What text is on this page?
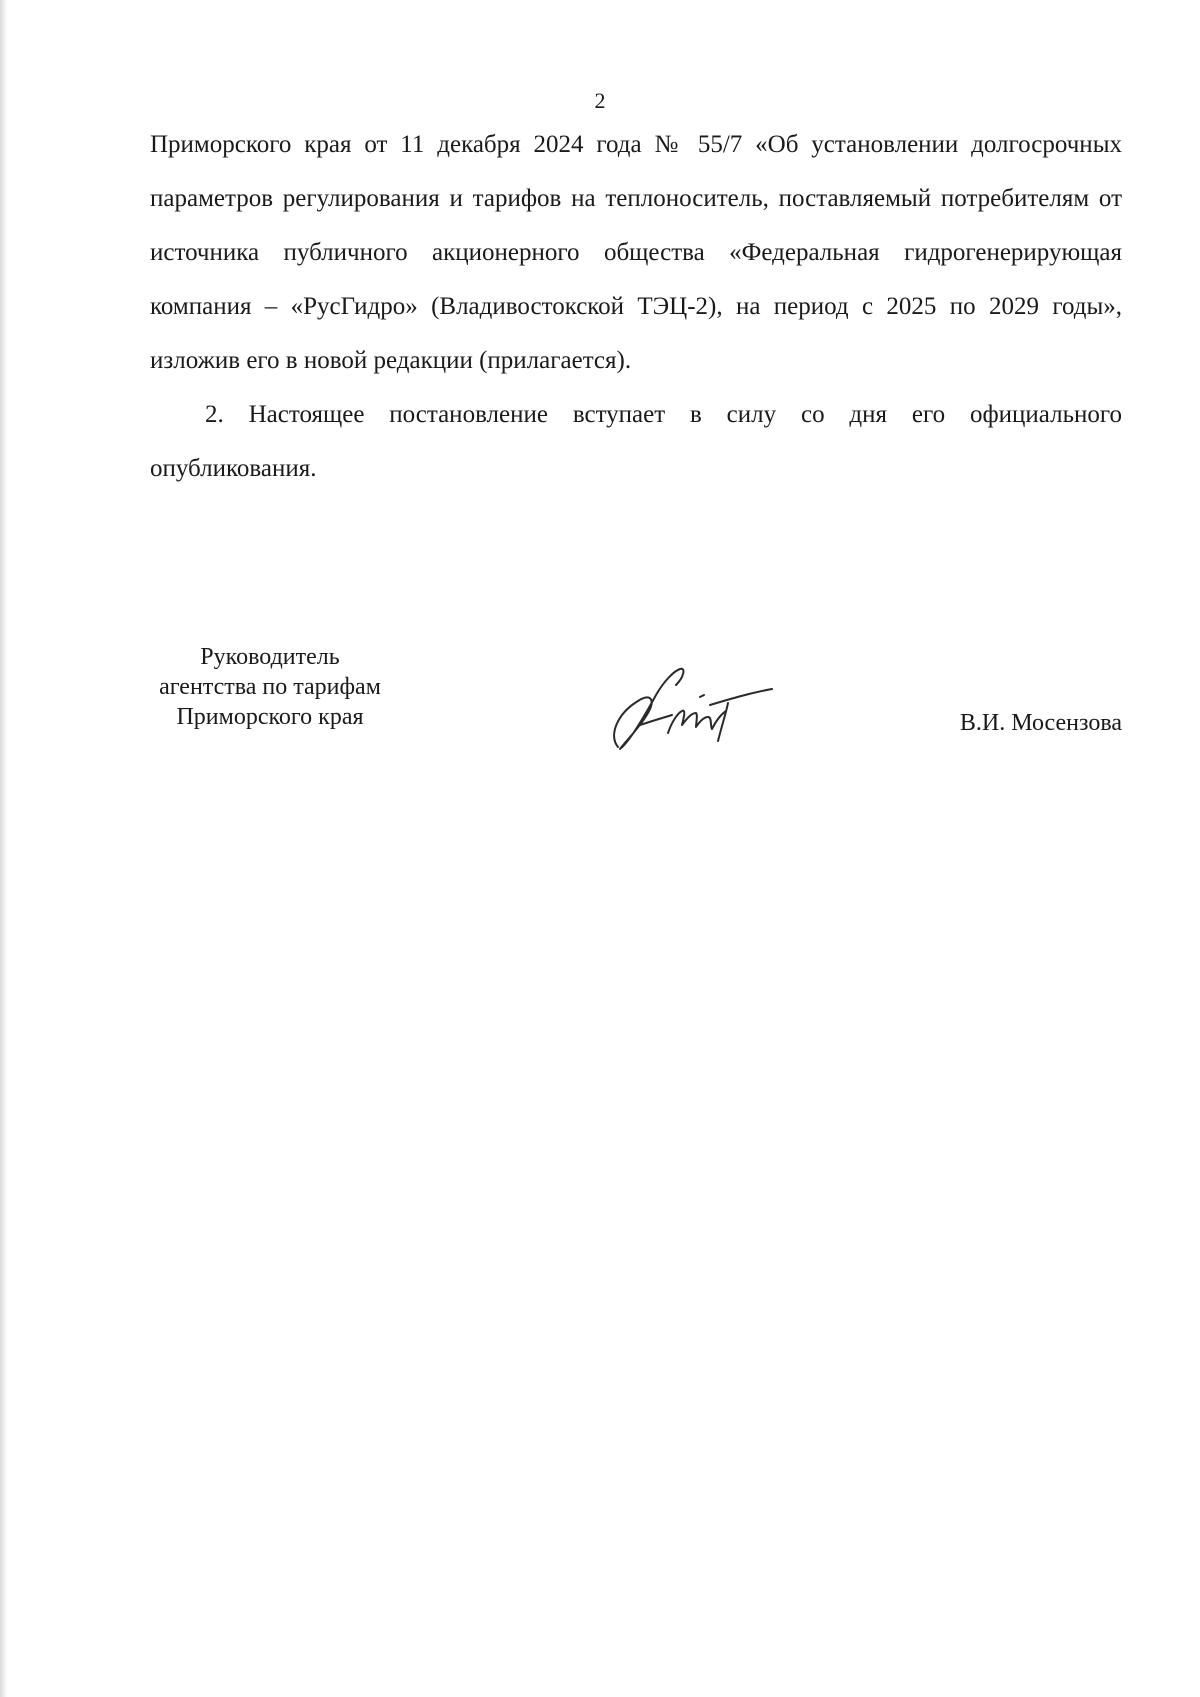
2

Приморского края от 11 декабря 2024 года № 55/7 «Об установлении долгосрочных параметров регулирования и тарифов на теплоноситель, поставляемый потребителям от источника публичного акционерного общества «Федеральная гидрогенерирующая компания – «РусГидро» (Владивостокской ТЭЦ-2), на период с 2025 по 2029 годы», изложив его в новой редакции (прилагается).

2. Настоящее постановление вступает в силу со дня его официального опубликования.

Руководитель
агентства по тарифам
Приморского края	В.И. Мосензова
